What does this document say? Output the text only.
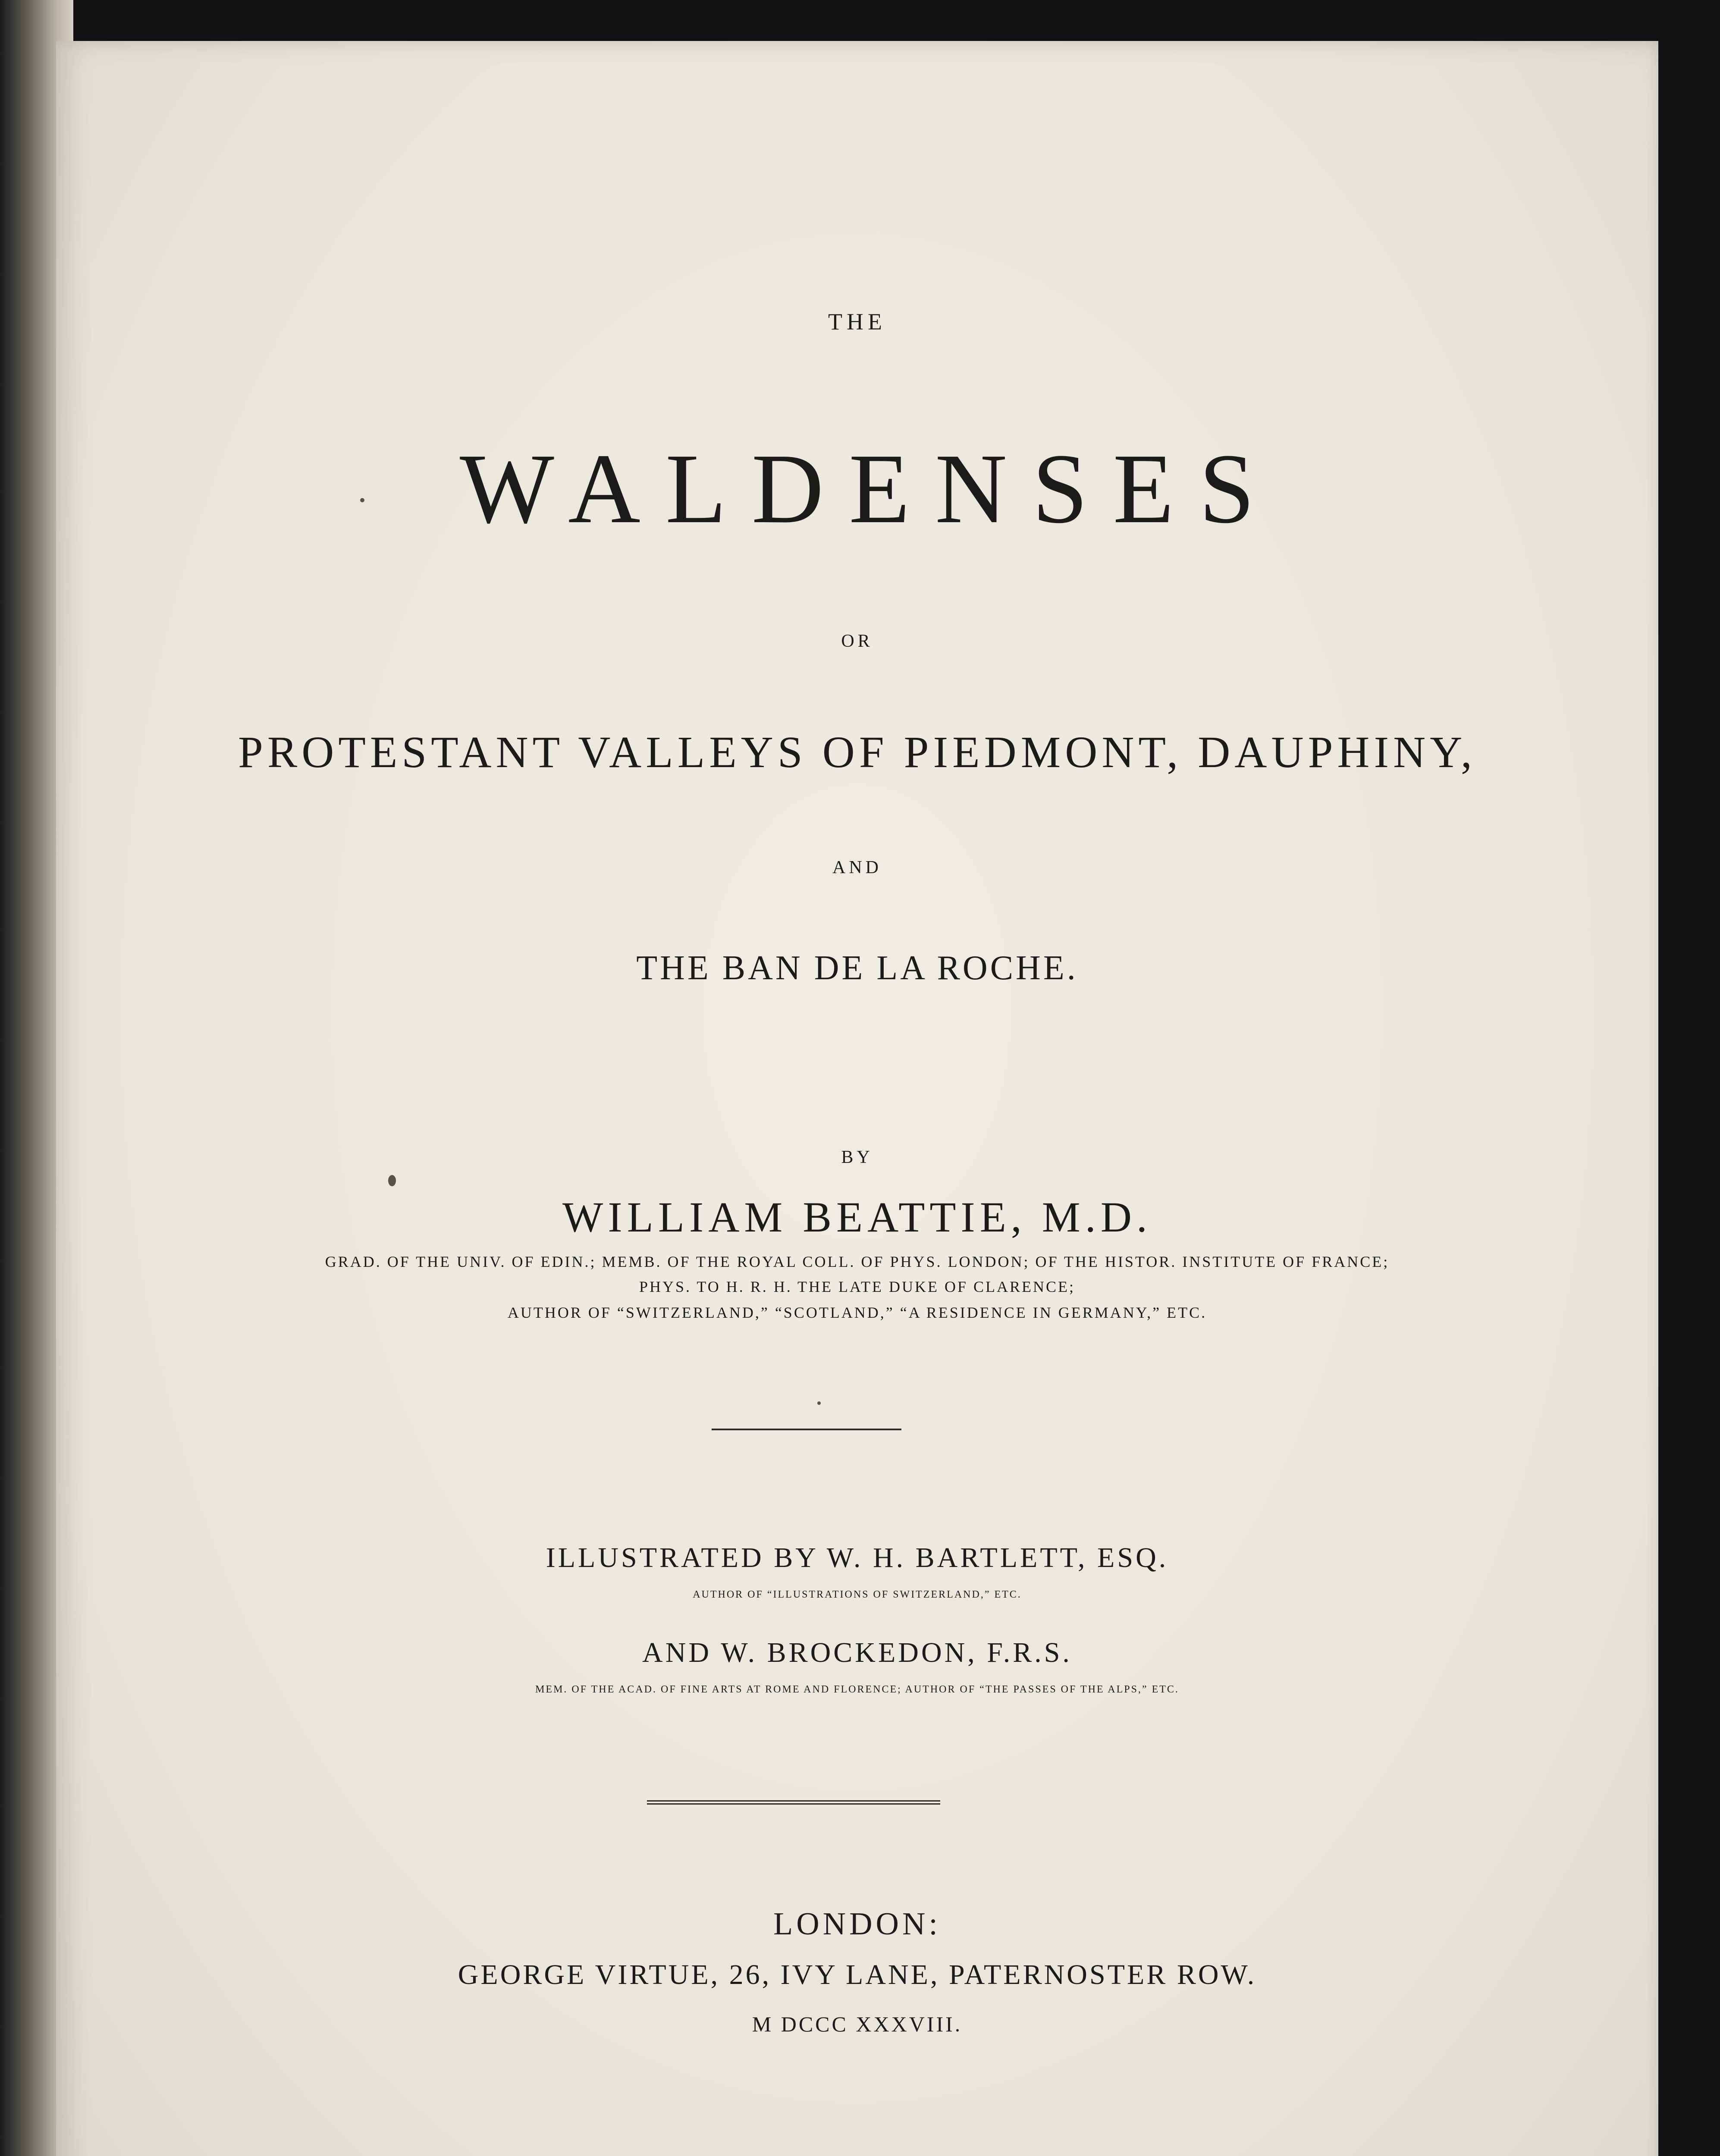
THE

WALDENSES

OR

PROTESTANT VALLEYS OF PIEDMONT, DAUPHINY,

AND

THE BAN DE LA ROCHE.

BY

WILLIAM BEATTIE, M.D.

GRAD. OF THE UNIV. OF EDIN.; MEMB. OF THE ROYAL COLL. OF PHYS. LONDON; OF THE HISTOR. INSTITUTE OF FRANCE;

PHYS. TO H. R. H. THE LATE DUKE OF CLARENCE;

AUTHOR OF “SWITZERLAND,” “SCOTLAND,” “A RESIDENCE IN GERMANY,” ETC.

ILLUSTRATED BY W. H. BARTLETT, ESQ.

AUTHOR OF “ILLUSTRATIONS OF SWITZERLAND,” ETC.

AND W. BROCKEDON, F.R.S.

MEM. OF THE ACAD. OF FINE ARTS AT ROME AND FLORENCE; AUTHOR OF “THE PASSES OF THE ALPS,” ETC.

LONDON:

GEORGE VIRTUE, 26, IVY LANE, PATERNOSTER ROW.

M DCCC XXXVIII.
